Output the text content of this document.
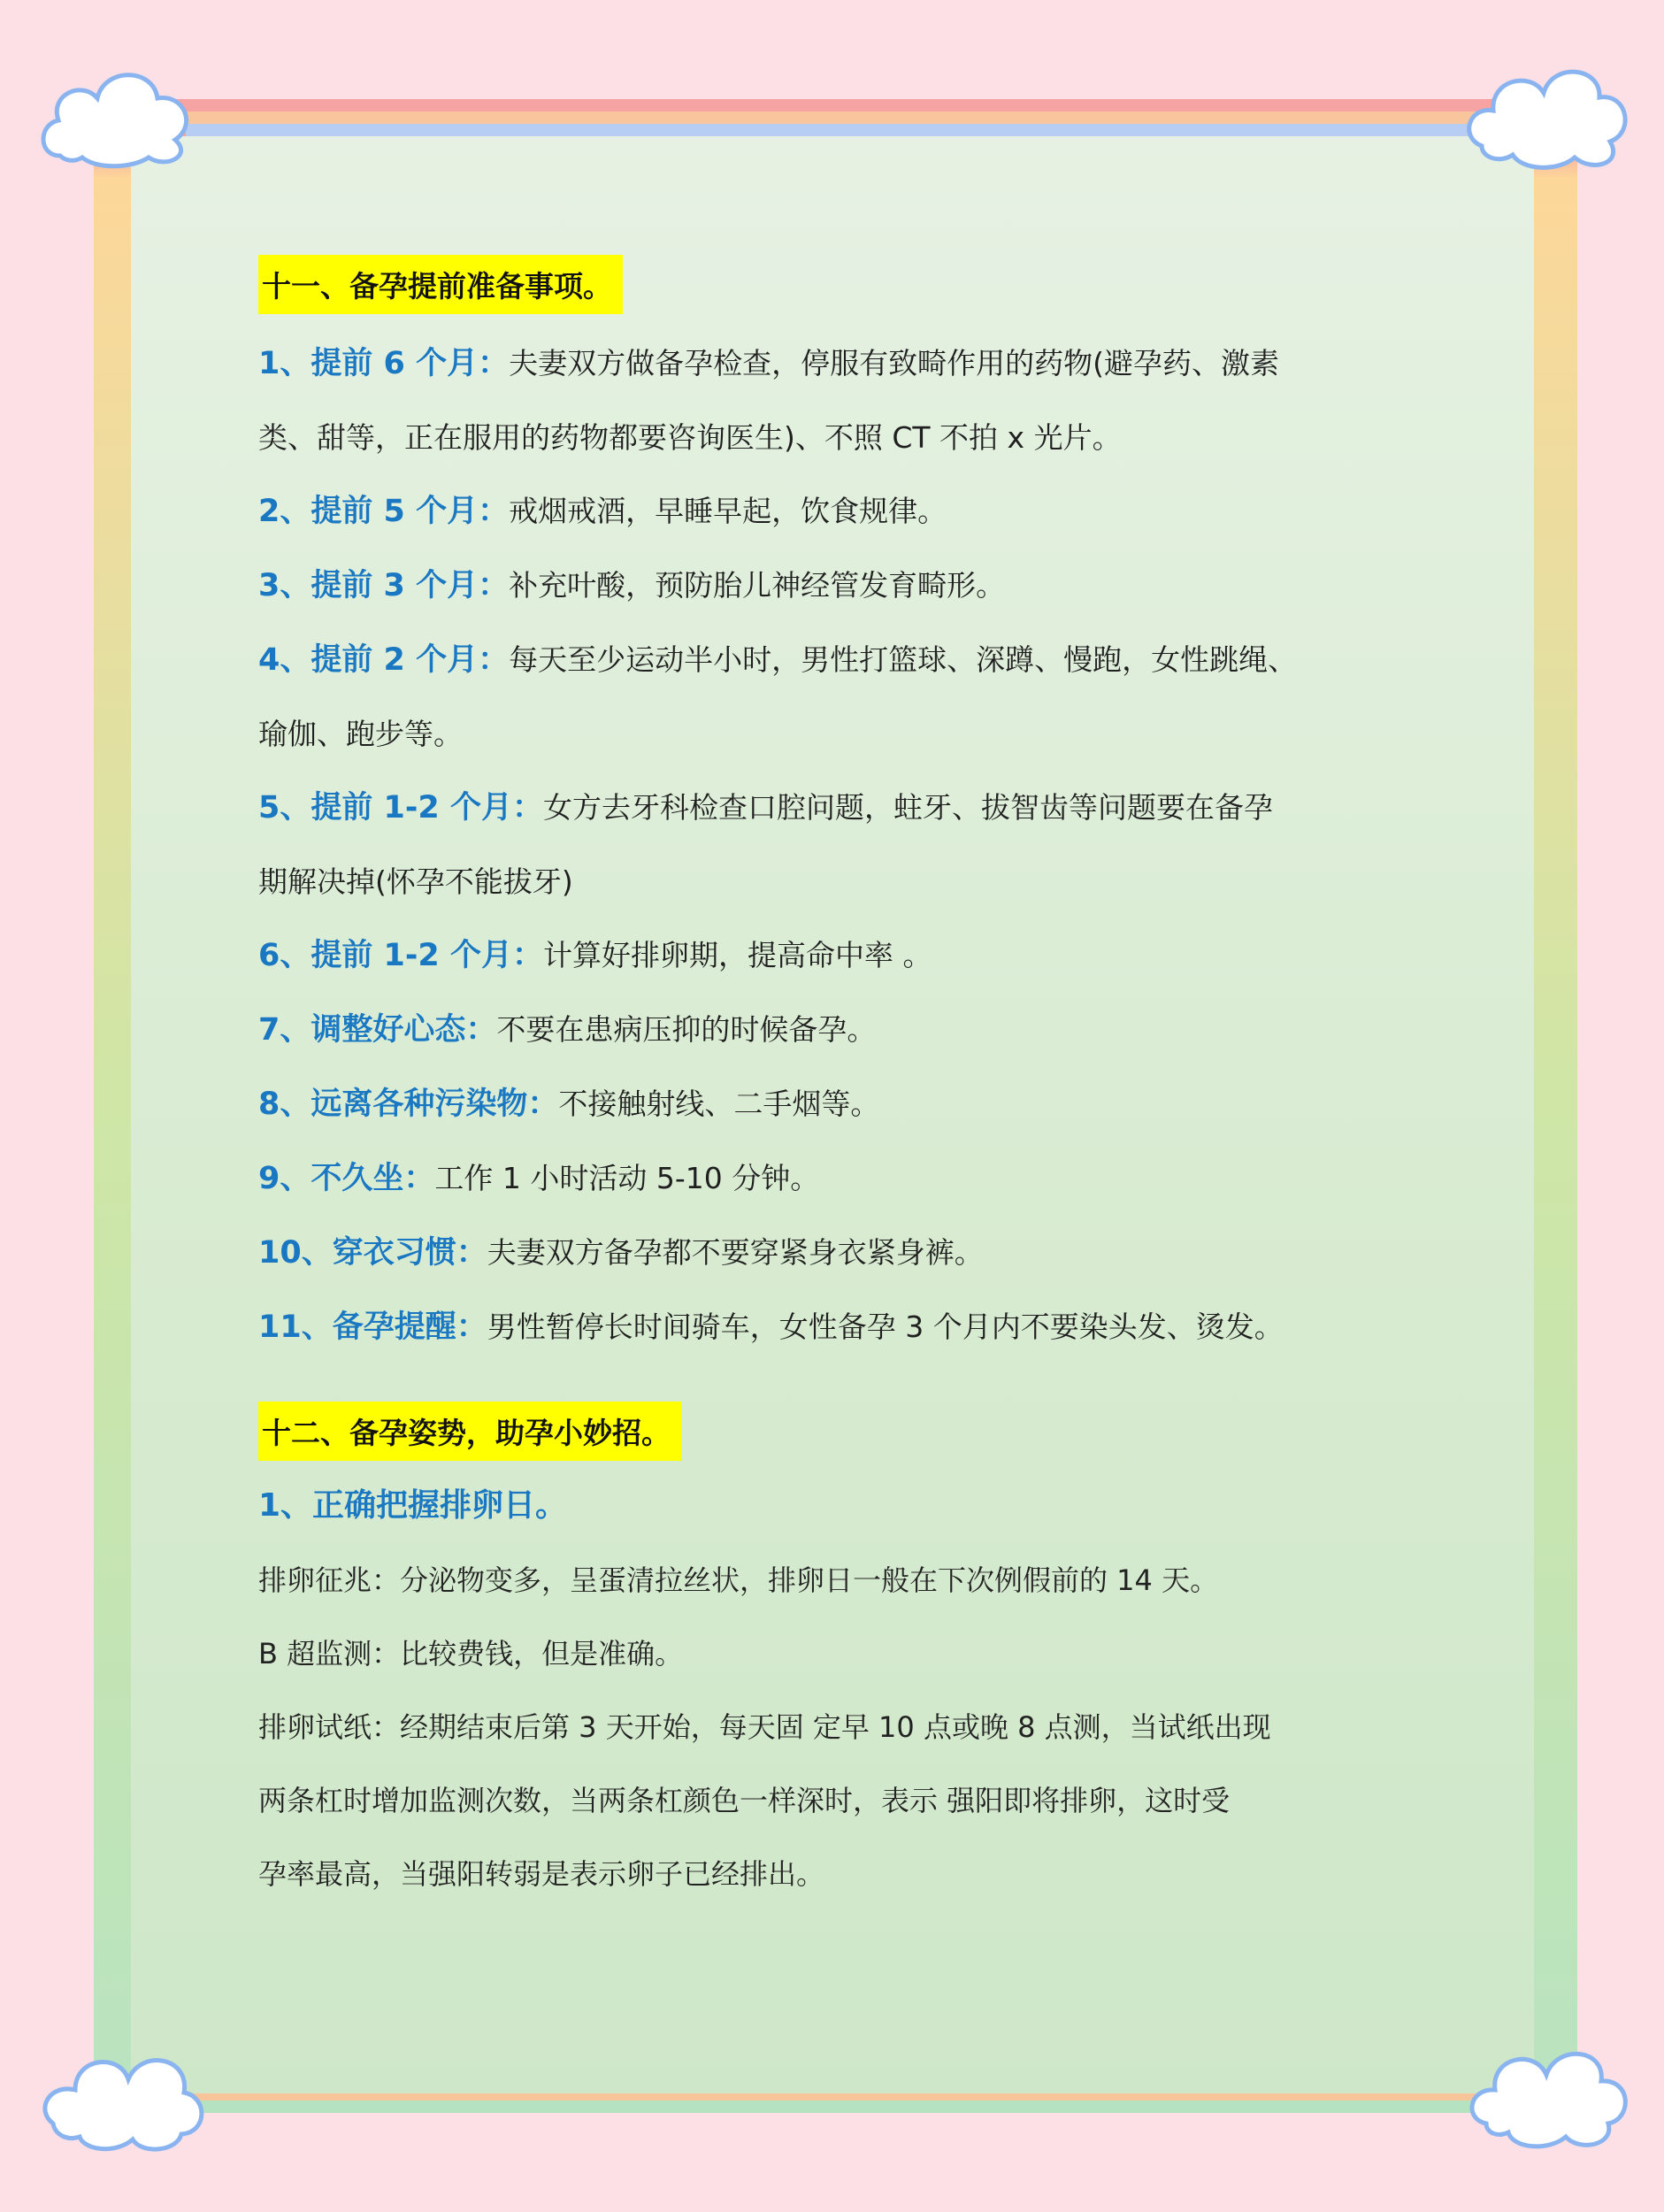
十一、备孕提前准备事项。
1、提前 6 个月：夫妻双方做备孕检查，停服有致畸作用的药物(避孕药、激素
类、甜等，正在服用的药物都要咨询医生)、不照 CT 不拍 x 光片。
2、提前 5 个月：戒烟戒酒，早睡早起，饮食规律。
3、提前 3 个月：补充叶酸，预防胎儿神经管发育畸形。
4、提前 2 个月：每天至少运动半小时，男性打篮球、深蹲、慢跑，女性跳绳、
瑜伽、跑步等。
5、提前 1-2 个月：女方去牙科检查口腔问题，蛀牙、拔智齿等问题要在备孕
期解决掉(怀孕不能拔牙)
6、提前 1-2 个月：计算好排卵期，提高命中率 。
7、调整好心态：不要在患病压抑的时候备孕。
8、远离各种污染物：不接触射线、二手烟等。
9、不久坐：工作 1 小时活动 5-10 分钟。
10、穿衣习惯：夫妻双方备孕都不要穿紧身衣紧身裤。
11、备孕提醒：男性暂停长时间骑车，女性备孕 3 个月内不要染头发、烫发。
十二、备孕姿势，助孕小妙招。
1、正确把握排卵日。
排卵征兆：分泌物变多，呈蛋清拉丝状，排卵日一般在下次例假前的 14 天。
B 超监测：比较费钱，但是准确。
排卵试纸：经期结束后第 3 天开始，每天固 定早 10 点或晚 8 点测，当试纸出现
两条杠时增加监测次数，当两条杠颜色一样深时，表示 强阳即将排卵，这时受
孕率最高，当强阳转弱是表示卵子已经排出。
